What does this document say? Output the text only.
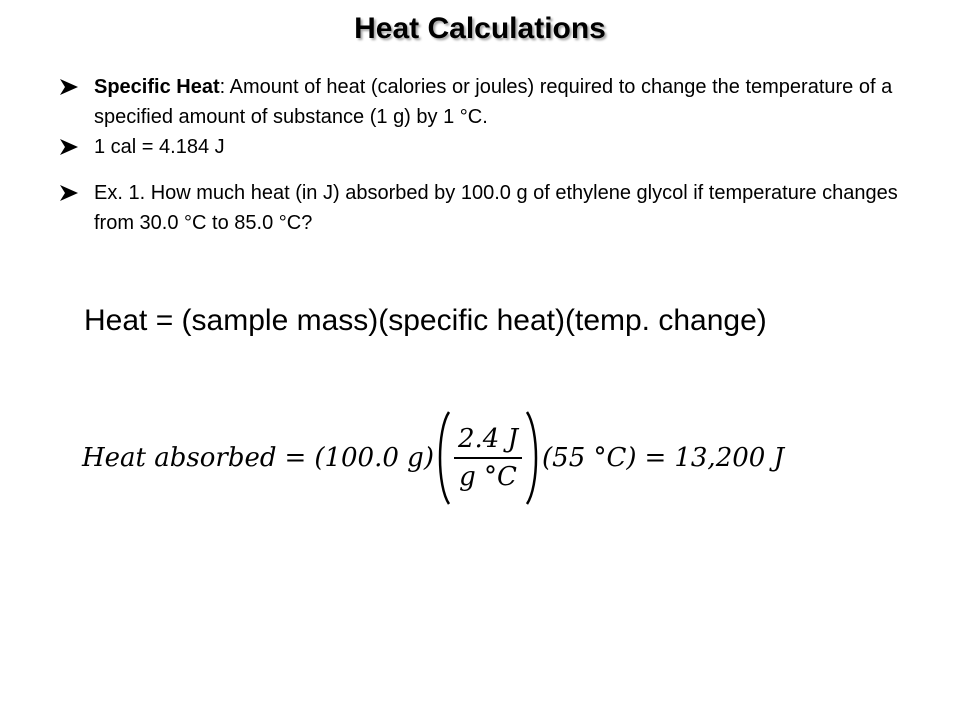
Heat Calculations
Specific Heat: Amount of heat (calories or joules) required to change the temperature of a specified amount of substance (1 g) by 1 °C.
1 cal = 4.184 J
Ex. 1. How much heat (in J) absorbed by 100.0 g of ethylene glycol if temperature changes from 30.0 °C to 85.0 °C?
Heat = (sample mass)(specific heat)(temp. change)
Heat absorbed = (100.0 $g) \frac{2.4 J}{g ^\circ C} (55$ °C) = 13,200 J
